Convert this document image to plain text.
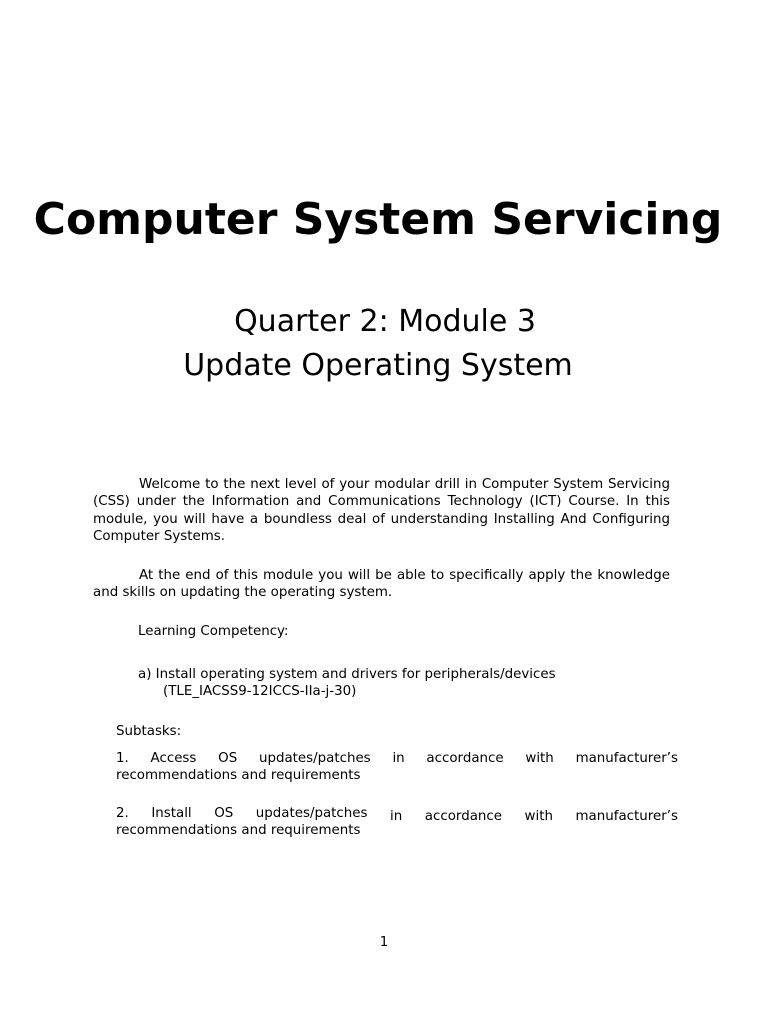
Computer System Servicing
Quarter 2: Module 3
Update Operating System
Welcome to the next level of your modular drill in Computer System Servicing (CSS) under the Information and Communications Technology (ICT) Course. In this module, you will have a boundless deal of understanding Installing And Configuring Computer Systems.
At the end of this module you will be able to specifically apply the knowledge and skills on updating the operating system.
Learning Competency:
a) Install operating system and drivers for peripherals/devices
(TLE_IACSS9-12ICCS-IIa-j-30)
Subtasks:
1. Access OS updates/patches in accordance with manufacturer’s
recommendations and requirements
2. Install OS updates/patches in accordance with manufacturer’s
recommendations and requirements
1
